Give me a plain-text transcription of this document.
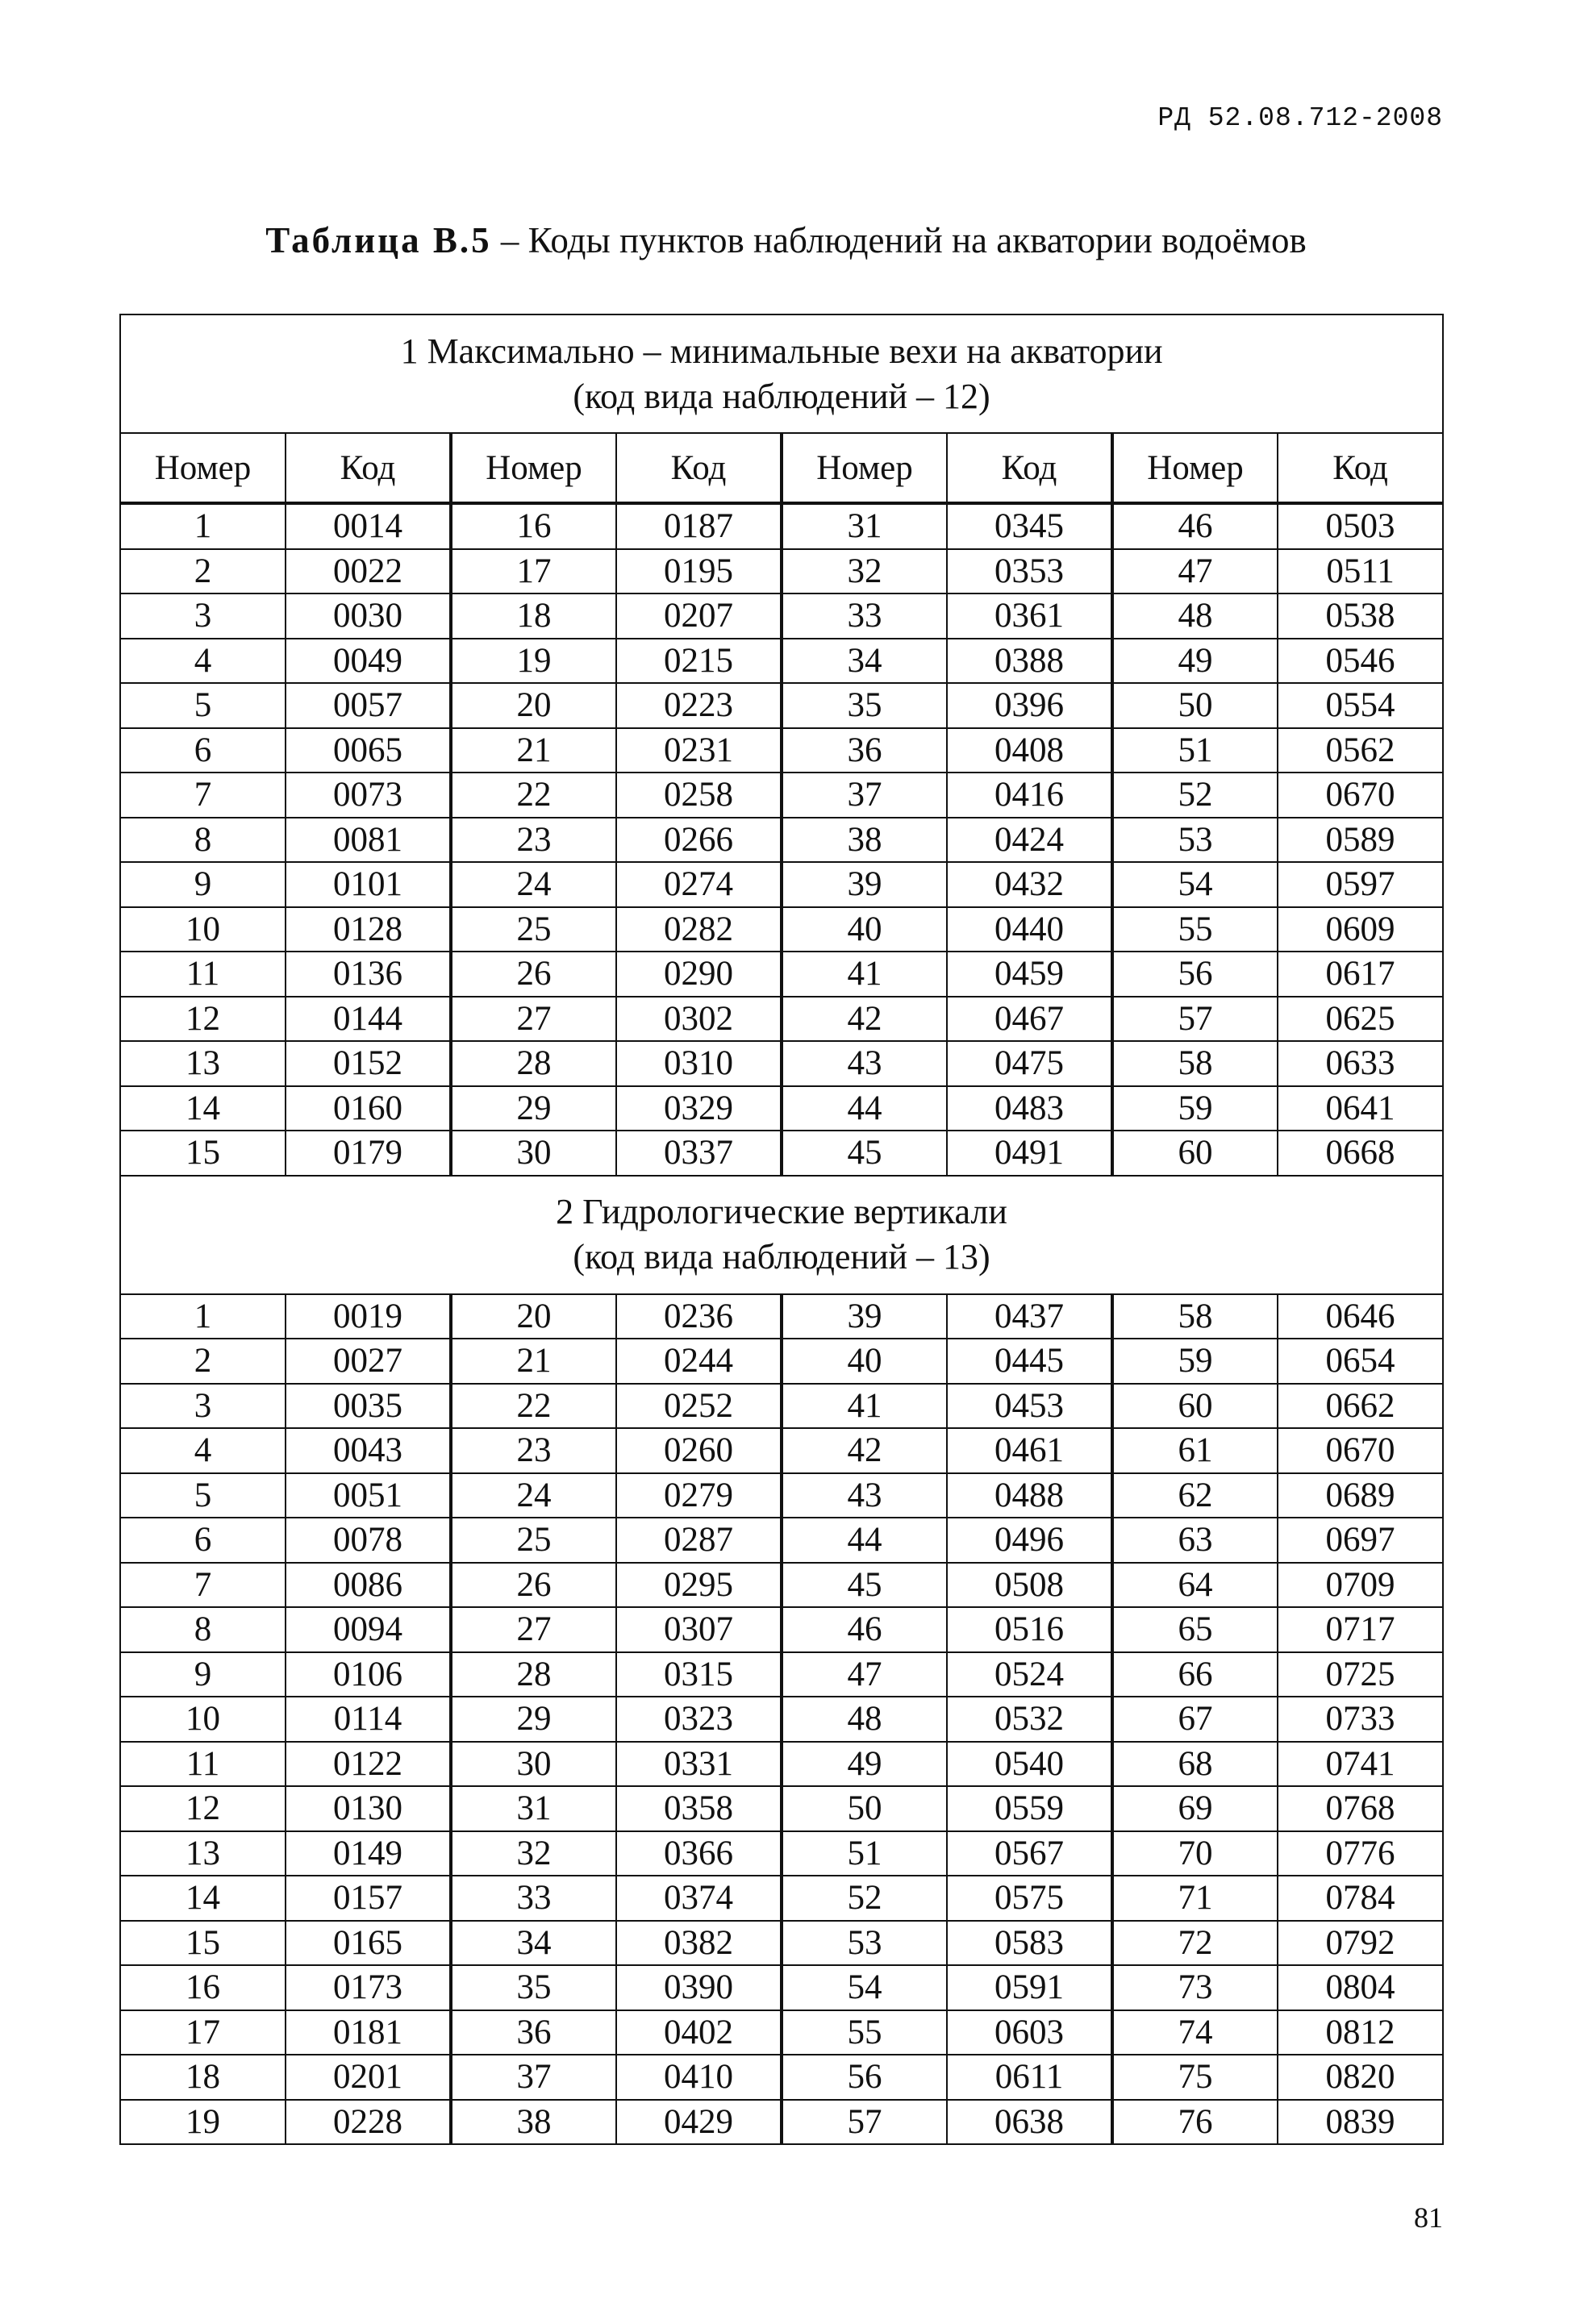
РД 52.08.712-2008
Таблица В.5 – Коды пунктов наблюдений на акватории водоёмов
1 Максимально – минимальные вехи на акватории
(код вида наблюдений – 12)							

Номер	Код	Номер	Код	Номер	Код	Номер	Код
1	0014	16	0187	31	0345	46	0503
2	0022	17	0195	32	0353	47	0511
3	0030	18	0207	33	0361	48	0538
4	0049	19	0215	34	0388	49	0546
5	0057	20	0223	35	0396	50	0554
6	0065	21	0231	36	0408	51	0562
7	0073	22	0258	37	0416	52	0670
8	0081	23	0266	38	0424	53	0589
9	0101	24	0274	39	0432	54	0597
10	0128	25	0282	40	0440	55	0609
11	0136	26	0290	41	0459	56	0617
12	0144	27	0302	42	0467	57	0625
13	0152	28	0310	43	0475	58	0633
14	0160	29	0329	44	0483	59	0641
15	0179	30	0337	45	0491	60	0668

2 Гидрологические вертикали
(код вида наблюдений – 13)							

1	0019	20	0236	39	0437	58	0646
2	0027	21	0244	40	0445	59	0654
3	0035	22	0252	41	0453	60	0662
4	0043	23	0260	42	0461	61	0670
5	0051	24	0279	43	0488	62	0689
6	0078	25	0287	44	0496	63	0697
7	0086	26	0295	45	0508	64	0709
8	0094	27	0307	46	0516	65	0717
9	0106	28	0315	47	0524	66	0725
10	0114	29	0323	48	0532	67	0733
11	0122	30	0331	49	0540	68	0741
12	0130	31	0358	50	0559	69	0768
13	0149	32	0366	51	0567	70	0776
14	0157	33	0374	52	0575	71	0784
15	0165	34	0382	53	0583	72	0792
16	0173	35	0390	54	0591	73	0804
17	0181	36	0402	55	0603	74	0812
18	0201	37	0410	56	0611	75	0820
19	0228	38	0429	57	0638	76	0839
81
